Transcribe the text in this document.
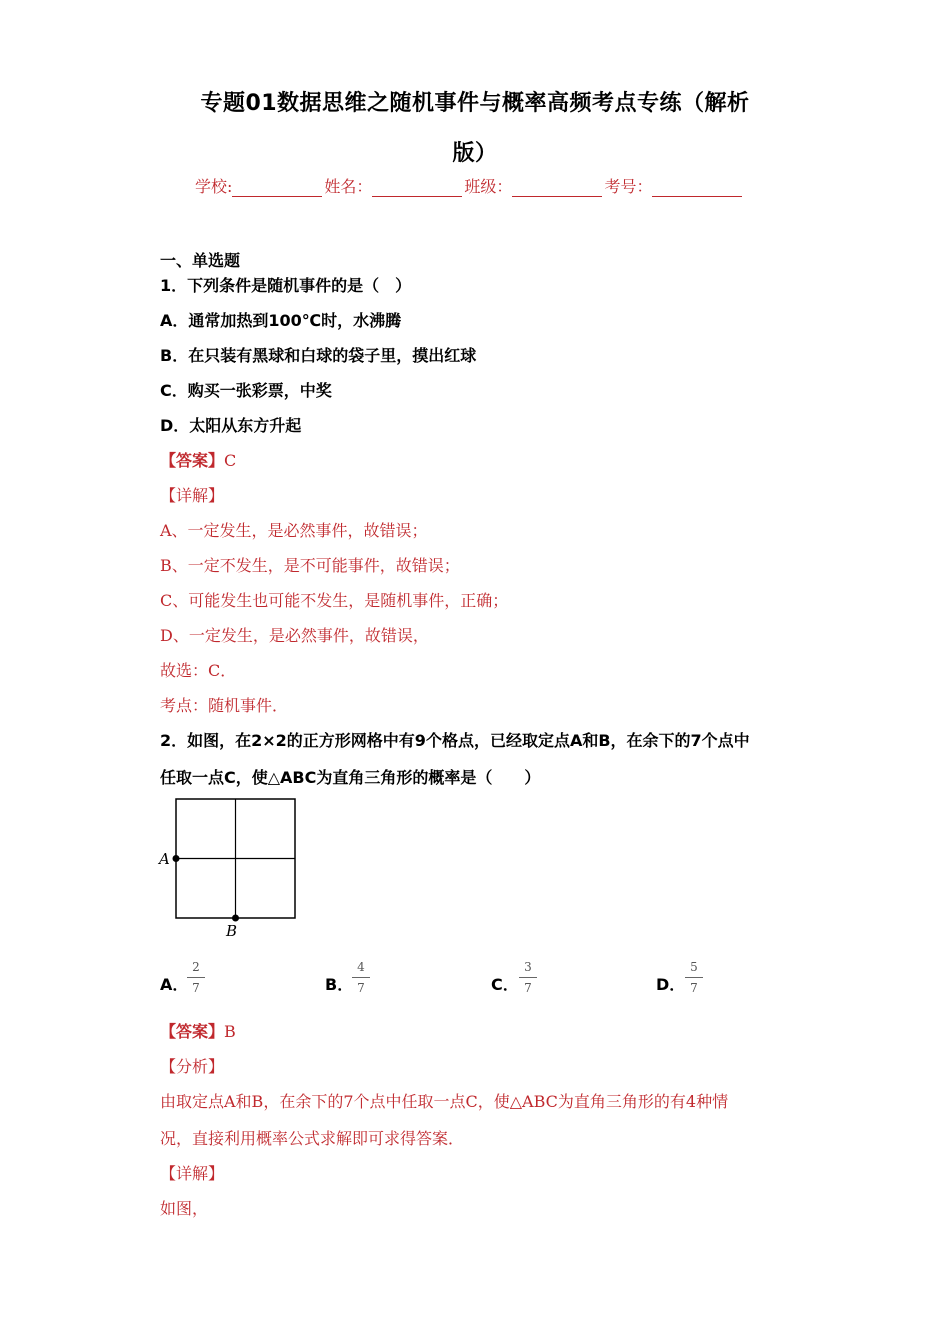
专题01数据思维之随机事件与概率高频考点专练（解析
版）
学校:	姓名：	班级：	考号：
一、单选题
1．下列条件是随机事件的是（　）
A．通常加热到100℃时，水沸腾
B．在只装有黑球和白球的袋子里，摸出红球
C．购买一张彩票，中奖
D．太阳从东方升起
【答案】C
【详解】
A、一定发生，是必然事件，故错误；
B、一定不发生，是不可能事件，故错误；
C、可能发生也可能不发生，是随机事件，正确；
D、一定发生，是必然事件，故错误，
故选：C．
考点：随机事件．
2．如图，在2×2的正方形网格中有9个格点，已经取定点A和B，在余下的7个点中
任取一点C，使△ABC为直角三角形的概率是（　　）
A
B
A．
2
7	B．
4
7	C．
3
7	D．
5
7
【答案】B
【分析】
由取定点A和B，在余下的7个点中任取一点C，使△ABC为直角三角形的有4种情
况，直接利用概率公式求解即可求得答案．
【详解】
如图，
